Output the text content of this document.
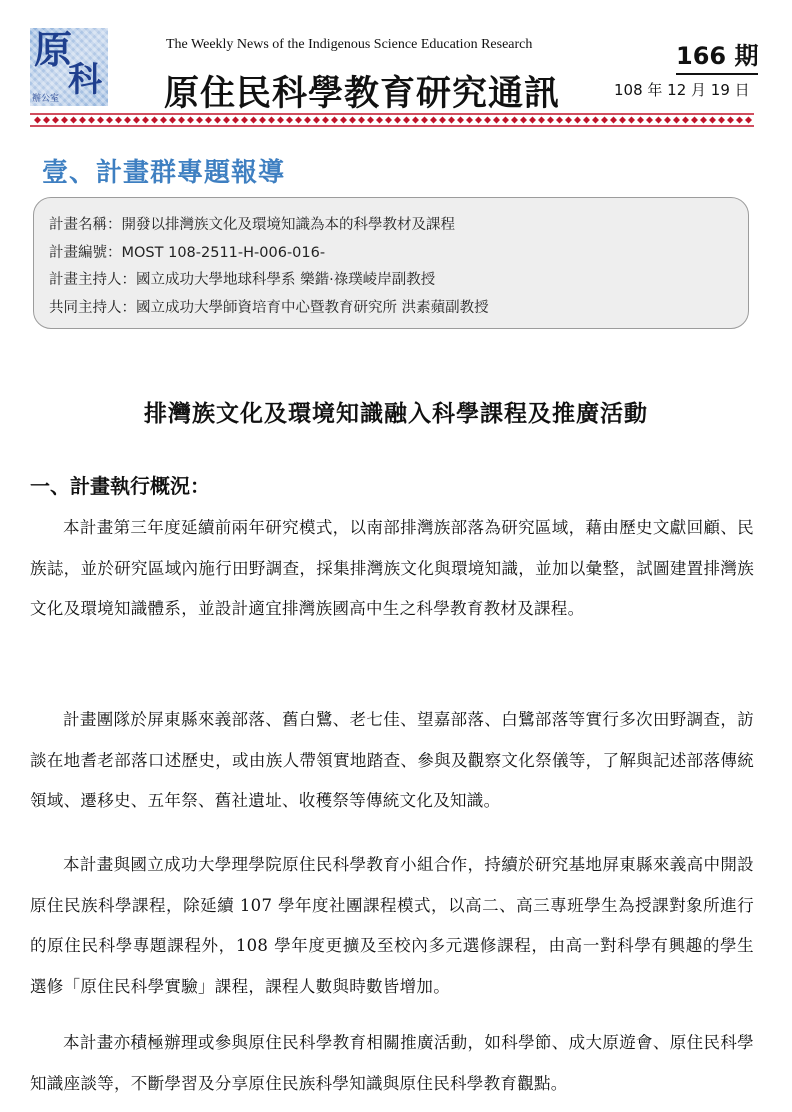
原
科
辦公室
The Weekly News of the Indigenous Science Education Research
原住民科學教育研究通訊
166 期
108 年 12 月 19 日
壹、計畫群專題報導
計畫名稱：開發以排灣族文化及環境知識為本的科學教材及課程
計畫編號：MOST 108-2511-H-006-016-
計畫主持人：國立成功大學地球科學系 樂鍇·祿璞崚岸副教授
共同主持人：國立成功大學師資培育中心暨教育研究所 洪素蘋副教授
排灣族文化及環境知識融入科學課程及推廣活動
一、計畫執行概況：

本計畫第三年度延續前兩年研究模式，以南部排灣族部落為研究區域，藉由歷史文獻回顧、民族誌，並於研究區域內施行田野調查，採集排灣族文化與環境知識，並加以彙整，試圖建置排灣族文化及環境知識體系，並設計適宜排灣族國高中生之科學教育教材及課程。

計畫團隊於屏東縣來義部落、舊白鷺、老七佳、望嘉部落、白鷺部落等實行多次田野調查，訪談在地耆老部落口述歷史，或由族人帶領實地踏查、參與及觀察文化祭儀等，了解與記述部落傳統領域、遷移史、五年祭、舊社遺址、收穫祭等傳統文化及知識。

本計畫與國立成功大學理學院原住民科學教育小組合作，持續於研究基地屏東縣來義高中開設原住民族科學課程，除延續 107 學年度社團課程模式，以高二、高三專班學生為授課對象所進行的原住民科學專題課程外，108 學年度更擴及至校內多元選修課程，由高一對科學有興趣的學生選修「原住民科學實驗」課程，課程人數與時數皆增加。

本計畫亦積極辦理或參與原住民科學教育相關推廣活動，如科學節、成大原遊會、原住民科學知識座談等，不斷學習及分享原住民族科學知識與原住民科學教育觀點。
